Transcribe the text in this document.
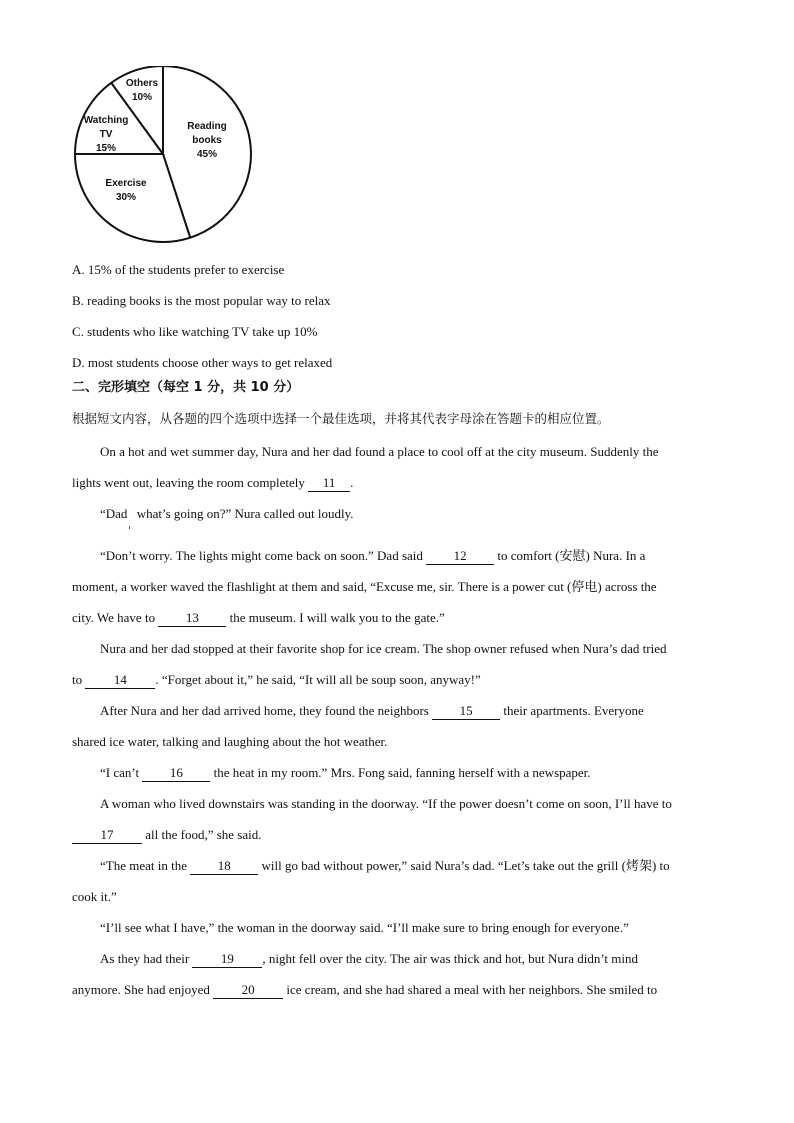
Reading books 45%
Exercise 30%
Watching TV 15%
Others 10%
A. 15% of the students prefer to exercise
B. reading books is the most popular way to relax
C. students who like watching TV take up 10%
D. most students choose other ways to get relaxed
二、完形填空（每空 1 分，共 10 分）
根据短文内容，从各题的四个选项中选择一个最佳选项，并将其代表字母涂在答题卡的相应位置。
On a hot and wet summer day, Nura and her dad found a place to cool off at the city museum. Suddenly the
lights went out, leaving the room completely 11 .
“Dad what’s going on?” Nura called out loudly.
“Don’t worry. The lights might come back on soon.” Dad said 12 to comfort (安慰) Nura. In a
moment, a worker waved the flashlight at them and said, “Excuse me, sir. There is a power cut (停电) across the
city. We have to 13 the museum. I will walk you to the gate.”
Nura and her dad stopped at their favorite shop for ice cream. The shop owner refused when Nura’s dad tried
to 14 . “Forget about it,” he said, “It will all be soup soon, anyway!”
After Nura and her dad arrived home, they found the neighbors 15 their apartments. Everyone
shared ice water, talking and laughing about the hot weather.
“I can’t 16 the heat in my room.” Mrs. Fong said, fanning herself with a newspaper.
A woman who lived downstairs was standing in the doorway. “If the power doesn’t come on soon, I’ll have to
17 all the food,” she said.
“The meat in the 18 will go bad without power,” said Nura’s dad. “Let’s take out the grill (烤架) to
cook it.”
“I’ll see what I have,” the woman in the doorway said. “I’ll make sure to bring enough for everyone.”
As they had their 19 , night fell over the city. The air was thick and hot, but Nura didn’t mind
anymore. She had enjoyed 20 ice cream, and she had shared a meal with her neighbors. She smiled to
